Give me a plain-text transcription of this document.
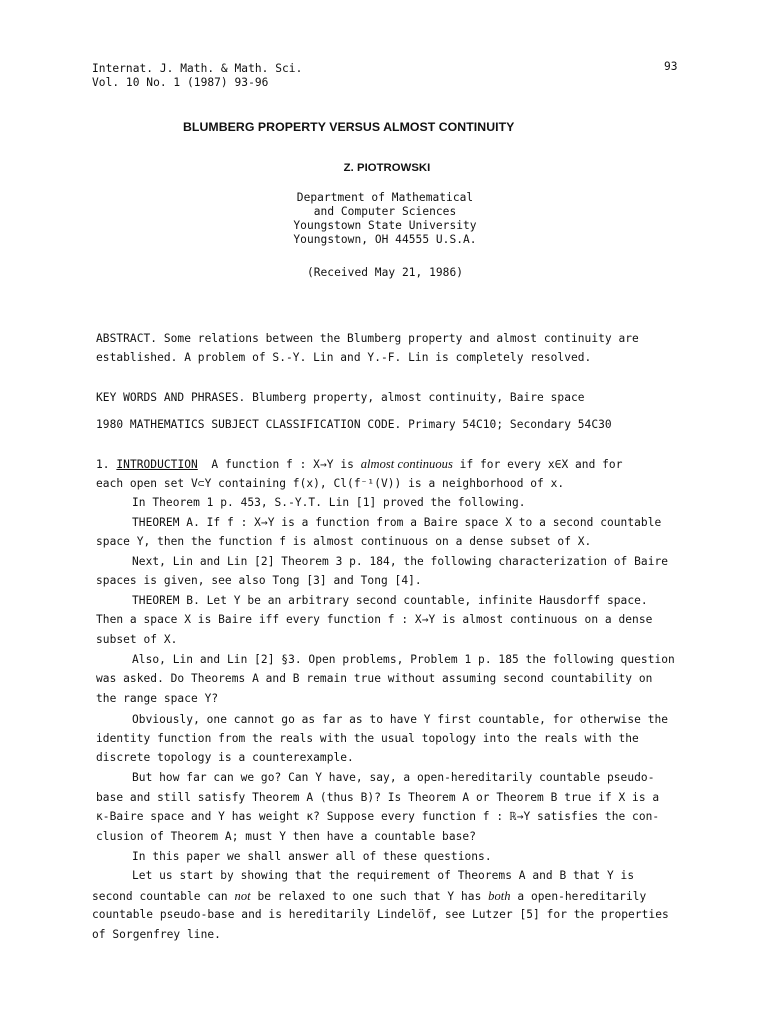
Internat. J. Math. & Math. Sci.
Vol. 10 No. 1 (1987) 93-96
93
BLUMBERG PROPERTY VERSUS ALMOST CONTINUITY
Z. PIOTROWSKI
Department of Mathematical
and Computer Sciences
Youngstown State University
Youngstown, OH 44555 U.S.A.
(Received May 21, 1986)
ABSTRACT. Some relations between the Blumberg property and almost continuity are
established. A problem of S.-Y. Lin and Y.-F. Lin is completely resolved.
KEY WORDS AND PHRASES. Blumberg property, almost continuity, Baire space
1980 MATHEMATICS SUBJECT CLASSIFICATION CODE. Primary 54C10; Secondary 54C30
1. INTRODUCTION A function f : X→Y is almost continuous if for every x∈X and for
each open set V⊂Y containing f(x), Cl(f⁻¹(V)) is a neighborhood of x.
In Theorem 1 p. 453, S.-Y.T. Lin [1] proved the following.
THEOREM A. If f : X→Y is a function from a Baire space X to a second countable
space Y, then the function f is almost continuous on a dense subset of X.
Next, Lin and Lin [2] Theorem 3 p. 184, the following characterization of Baire
spaces is given, see also Tong [3] and Tong [4].
THEOREM B. Let Y be an arbitrary second countable, infinite Hausdorff space.
Then a space X is Baire iff every function f : X→Y is almost continuous on a dense
subset of X.
Also, Lin and Lin [2] §3. Open problems, Problem 1 p. 185 the following question
was asked. Do Theorems A and B remain true without assuming second countability on
the range space Y?
Obviously, one cannot go as far as to have Y first countable, for otherwise the
identity function from the reals with the usual topology into the reals with the
discrete topology is a counterexample.
But how far can we go? Can Y have, say, a open-hereditarily countable pseudo-
base and still satisfy Theorem A (thus B)? Is Theorem A or Theorem B true if X is a
κ-Baire space and Y has weight κ? Suppose every function f : ℝ→Y satisfies the con-
clusion of Theorem A; must Y then have a countable base?
In this paper we shall answer all of these questions.
Let us start by showing that the requirement of Theorems A and B that Y is
second countable can not be relaxed to one such that Y has both a open-hereditarily
countable pseudo-base and is hereditarily Lindelöf, see Lutzer [5] for the properties
of Sorgenfrey line.
